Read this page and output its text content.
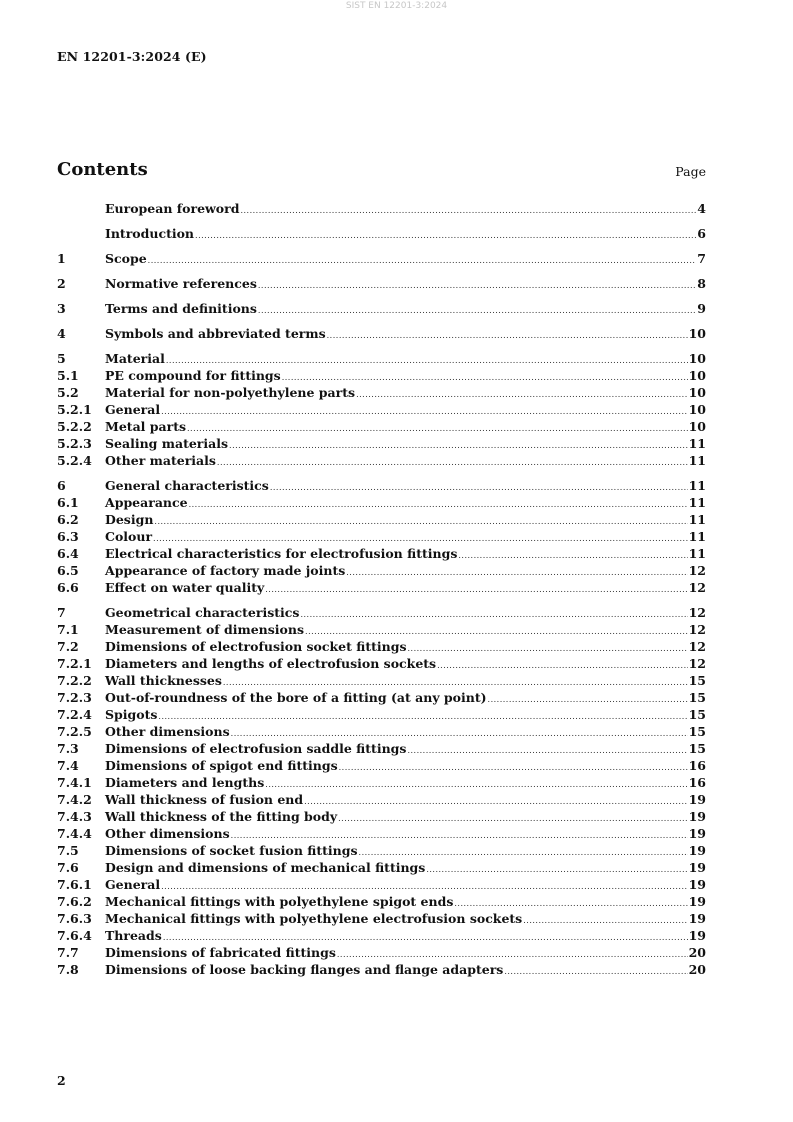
SIST EN 12201-3:2024
EN 12201-3:2024 (E)
Contents	Page
European foreword .....	4
Introduction .....	6
1	Scope .....	7
2	Normative references .....	8
3	Terms and definitions .....	9
4	Symbols and abbreviated terms .....	10
5	Material .....	10
5.1	PE compound for fittings .....	10
5.2	Material for non-polyethylene parts .....	10
5.2.1	General .....	10
5.2.2	Metal parts .....	10
5.2.3	Sealing materials .....	11
5.2.4	Other materials .....	11
6	General characteristics .....	11
6.1	Appearance .....	11
6.2	Design .....	11
6.3	Colour .....	11
6.4	Electrical characteristics for electrofusion fittings .....	11
6.5	Appearance of factory made joints .....	12
6.6	Effect on water quality .....	12
7	Geometrical characteristics .....	12
7.1	Measurement of dimensions .....	12
7.2	Dimensions of electrofusion socket fittings .....	12
7.2.1	Diameters and lengths of electrofusion sockets .....	12
7.2.2	Wall thicknesses .....	15
7.2.3	Out-of-roundness of the bore of a fitting (at any point) .....	15
7.2.4	Spigots .....	15
7.2.5	Other dimensions .....	15
7.3	Dimensions of electrofusion saddle fittings .....	15
7.4	Dimensions of spigot end fittings .....	16
7.4.1	Diameters and lengths .....	16
7.4.2	Wall thickness of fusion end .....	19
7.4.3	Wall thickness of the fitting body .....	19
7.4.4	Other dimensions .....	19
7.5	Dimensions of socket fusion fittings .....	19
7.6	Design and dimensions of mechanical fittings .....	19
7.6.1	General .....	19
7.6.2	Mechanical fittings with polyethylene spigot ends .....	19
7.6.3	Mechanical fittings with polyethylene electrofusion sockets .....	19
7.6.4	Threads .....	19
7.7	Dimensions of fabricated fittings .....	20
7.8	Dimensions of loose backing flanges and flange adapters .....	20
2
